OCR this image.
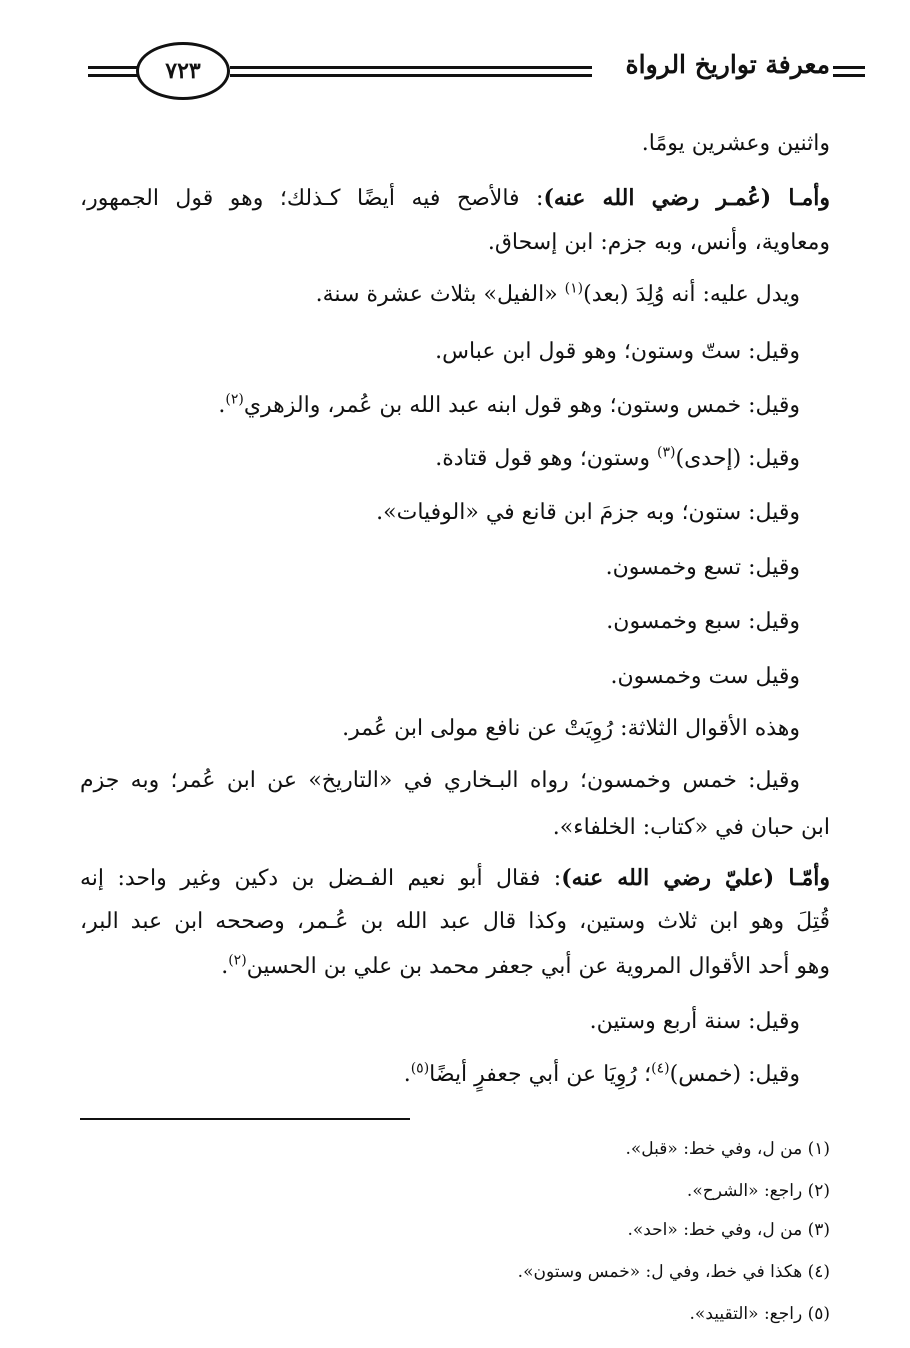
معرفة تواريخ الرواة
٧٢٣
واثنين وعشرين يومًا.
وأمـا (عُمـر رضي الله عنه): فالأصح فيه أيضًا كـذلك؛ وهو قول الجمهور،
ومعاوية، وأنس، وبه جزم: ابن إسحاق.
ويدل عليه: أنه وُلِدَ (بعد)$^{(١)}$ «الفيل» بثلاث عشرة سنة.
وقيل: ستّ وستون؛ وهو قول ابن عباس.
وقيل: خمس وستون؛ وهو قول ابنه عبد الله بن عُمر، والزهري$^{(٢)}$.
وقيل: (إحدى)$^{(٣)}$ وستون؛ وهو قول قتادة.
وقيل: ستون؛ وبه جزمَ ابن قانع في «الوفيات».
وقيل: تسع وخمسون.
وقيل: سبع وخمسون.
وقيل ست وخمسون.
وهذه الأقوال الثلاثة: رُوِيَتْ عن نافع مولى ابن عُمر.
وقيل: خمس وخمسون؛ رواه البـخاري في «التاريخ» عن ابن عُمر؛ وبه جزم
ابن حبان في «كتاب: الخلفاء».
وأمّـا (عليّ رضي الله عنه): فقال أبو نعيم الفـضل بن دكين وغير واحد: إنه
قُتِلَ وهو ابن ثلاث وستين، وكذا قال عبد الله بن عُـمر، وصححه ابن عبد البر،
وهو أحد الأقوال المروية عن أبي جعفر محمد بن علي بن الحسين$^{(٢)}$.
وقيل: سنة أربع وستين.
وقيل: (خمس)$^{(٤)}$؛ رُوِيَا عن أبي جعفرٍ أيضًا$^{(٥)}$.
(١) من ل، وفي خط: «قبل».
(٢) راجع: «الشرح».
(٣) من ل، وفي خط: «احد».
(٤) هكذا في خط، وفي ل: «خمس وستون».
(٥) راجع: «التقييد».
